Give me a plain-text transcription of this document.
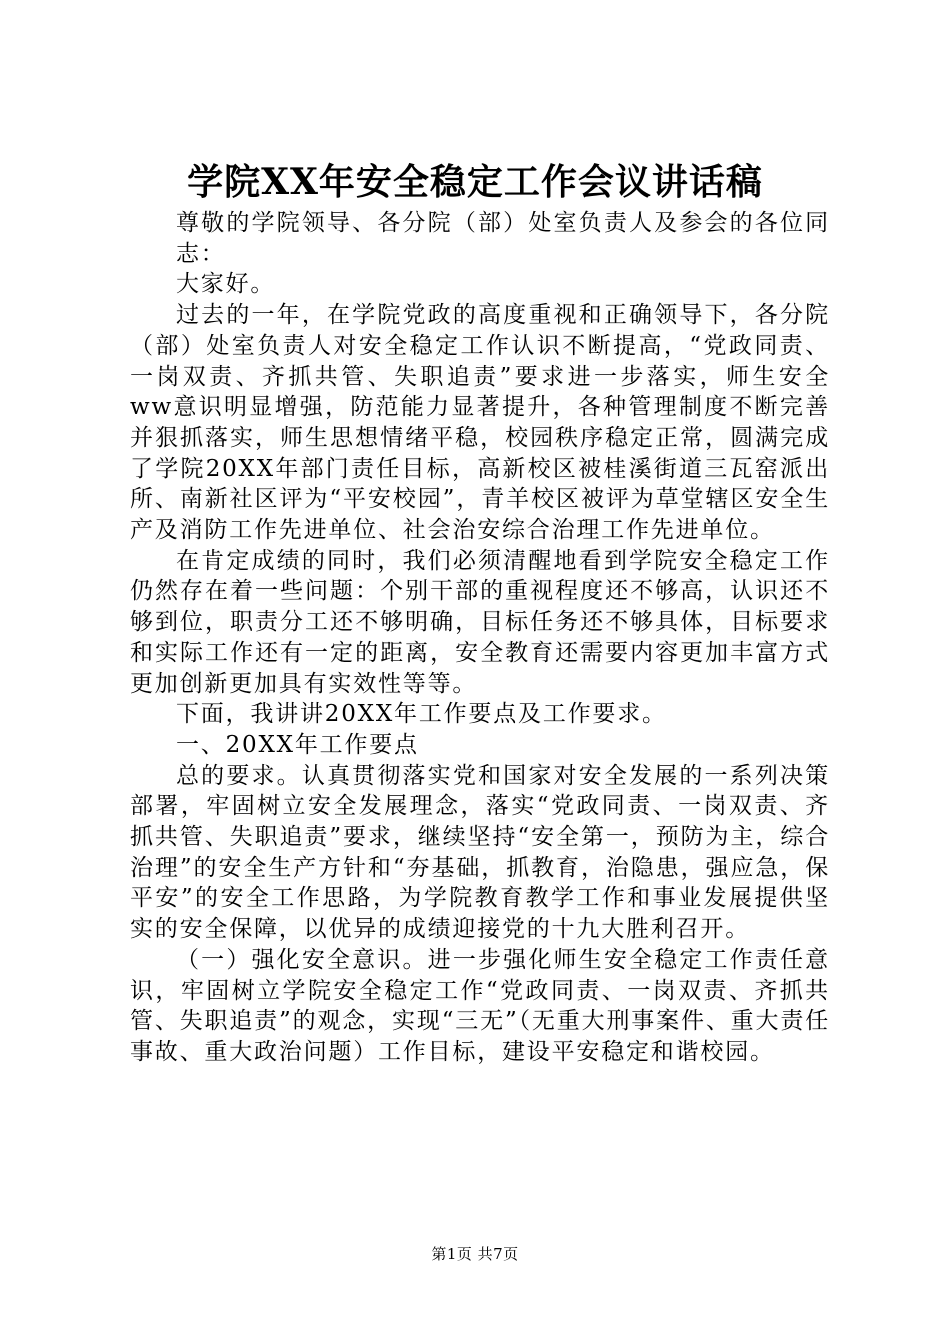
学院XX年安全稳定工作会议讲话稿

尊敬的学院领导、各分院（部）处室负责人及参会的各位同志：

大家好。

过去的一年，在学院党政的高度重视和正确领导下，各分院（部）处室负责人对安全稳定工作认识不断提高，“党政同责、一岗双责、齐抓共管、失职追责”要求进一步落实，师生安全ww意识明显增强，防范能力显著提升，各种管理制度不断完善并狠抓落实，师生思想情绪平稳，校园秩序稳定正常，圆满完成了学院20XX年部门责任目标，高新校区被桂溪街道三瓦窑派出所、南新社区评为“平安校园”，青羊校区被评为草堂辖区安全生产及消防工作先进单位、社会治安综合治理工作先进单位。

在肯定成绩的同时，我们必须清醒地看到学院安全稳定工作仍然存在着一些问题：个别干部的重视程度还不够高，认识还不够到位，职责分工还不够明确，目标任务还不够具体，目标要求和实际工作还有一定的距离，安全教育还需要内容更加丰富方式更加创新更加具有实效性等等。

下面，我讲讲20XX年工作要点及工作要求。

一、20XX年工作要点

总的要求。认真贯彻落实党和国家对安全发展的一系列决策部署，牢固树立安全发展理念，落实“党政同责、一岗双责、齐抓共管、失职追责”要求，继续坚持“安全第一，预防为主，综合治理”的安全生产方针和“夯基础，抓教育，治隐患，强应急，保平安”的安全工作思路，为学院教育教学工作和事业发展提供坚实的安全保障，以优异的成绩迎接党的十九大胜利召开。

（一）强化安全意识。进一步强化师生安全稳定工作责任意识，牢固树立学院安全稳定工作“党政同责、一岗双责、齐抓共管、失职追责”的观念，实现“三无”（无重大刑事案件、重大责任事故、重大政治问题）工作目标，建设平安稳定和谐校园。

第1页 共7页
